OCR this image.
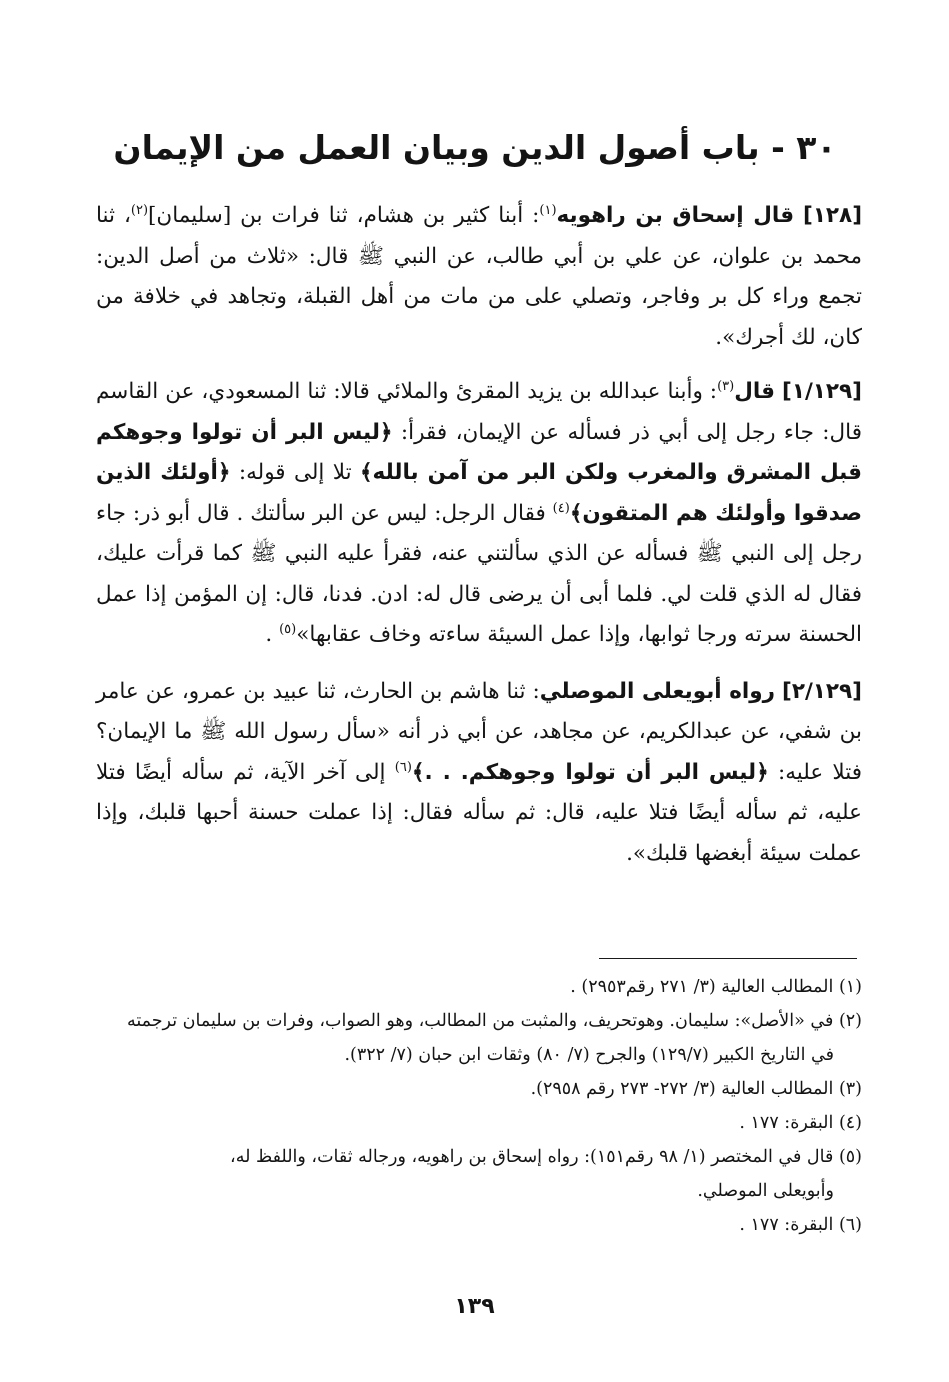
٣٠ - باب أصول الدين وبيان العمل من الإيمان

[١٢٨] قال إسحاق بن راهويه$^{(١)}$: أبنا كثير بن هشام، ثنا فرات بن [سليمان]$^{(٢)}$، ثنا محمد بن علوان، عن علي بن أبي طالب، عن النبي ﷺ قال: «ثلاث من أصل الدين: تجمع وراء كل بر وفاجر، وتصلي على من مات من أهل القبلة، وتجاهد في خلافة من كان، لك أجرك».

[١/١٢٩] قال$^{(٣)}$: وأبنا عبدالله بن يزيد المقرئ والملائي قالا: ثنا المسعودي، عن القاسم قال: جاء رجل إلى أبي ذر فسأله عن الإيمان، فقرأ: ﴿ليس البر أن تولوا وجوهكم قبل المشرق والمغرب ولكن البر من آمن بالله﴾ تلا إلى قوله: ﴿أولئك الذين صدقوا وأولئك هم المتقون﴾$^{(٤)}$ فقال الرجل: ليس عن البر سألتك . قال أبو ذر: جاء رجل إلى النبي ﷺ فسأله عن الذي سألتني عنه، فقرأ عليه النبي ﷺ كما قرأت عليك، فقال له الذي قلت لي. فلما أبى أن يرضى قال له: ادن. فدنا، قال: إن المؤمن إذا عمل الحسنة سرته ورجا ثوابها، وإذا عمل السيئة ساءته وخاف عقابها»$^{(٥)}$ .

[٢/١٢٩] رواه أبويعلى الموصلي: ثنا هاشم بن الحارث، ثنا عبيد بن عمرو، عن عامر بن شفي، عن عبدالكريم، عن مجاهد، عن أبي ذر أنه «سأل رسول الله ﷺ ما الإيمان؟ فتلا عليه: ﴿ليس البر أن تولوا وجوهكم. . .﴾$^{(٦)}$ إلى آخر الآية، ثم سأله أيضًا فتلا عليه، ثم سأله أيضًا فتلا عليه، قال: ثم سأله فقال: إذا عملت حسنة أحبها قلبك، وإذا عملت سيئة أبغضها قلبك».

(١) المطالب العالية (٣/ ٢٧١ رقم٢٩٥٣) .

(٢) في «الأصل»: سليمان. وهوتحريف، والمثبت من المطالب، وهو الصواب، وفرات بن سليمان ترجمته
في التاريخ الكبير (١٢٩/٧) والجرح (٧/ ٨٠) وثقات ابن حبان (٧/ ٣٢٢).

(٣) المطالب العالية (٣/ ٢٧٢- ٢٧٣ رقم ٢٩٥٨).

(٤) البقرة: ١٧٧ .

(٥) قال في المختصر (١/ ٩٨ رقم١٥١): رواه إسحاق بن راهويه، ورجاله ثقات، واللفظ له،
وأبويعلى الموصلي.

(٦) البقرة: ١٧٧ .

١٣٩
